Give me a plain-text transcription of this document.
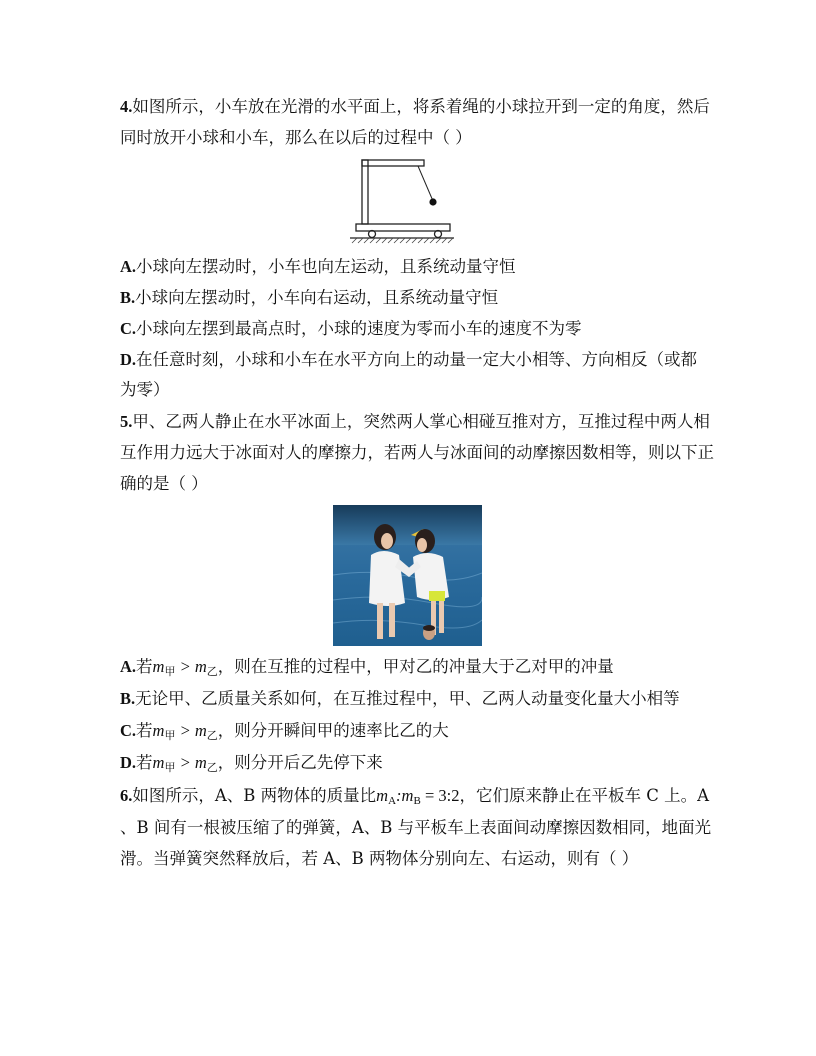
4.如图所示，小车放在光滑的水平面上，将系着绳的小球拉开到一定的角度，然后
同时放开小球和小车，那么在以后的过程中（ ）
A.小球向左摆动时，小车也向左运动，且系统动量守恒
B.小球向左摆动时，小车向右运动，且系统动量守恒
C.小球向左摆到最高点时，小球的速度为零而小车的速度不为零
D.在任意时刻，小球和小车在水平方向上的动量一定大小相等、方向相反（或都
为零）
5.甲、乙两人静止在水平冰面上，突然两人掌心相碰互推对方，互推过程中两人相
互作用力远大于冰面对人的摩擦力，若两人与冰面间的动摩擦因数相等，则以下正
确的是（ ）
A.若$m_甲 > m_乙$，则在互推的过程中，甲对乙的冲量大于乙对甲的冲量
B.无论甲、乙质量关系如何，在互推过程中，甲、乙两人动量变化量大小相等
C.若$m_甲 > m_乙$，则分开瞬间甲的速率比乙的大
D.若$m_甲 > m_乙$，则分开后乙先停下来
6.如图所示，A、B 两物体的质量比$m_A:m_B$ = 3:2，它们原来静止在平板车 C 上。A
、B 间有一根被压缩了的弹簧，A、B 与平板车上表面间动摩擦因数相同，地面光
滑。当弹簧突然释放后，若 A、B 两物体分别向左、右运动，则有（ ）
